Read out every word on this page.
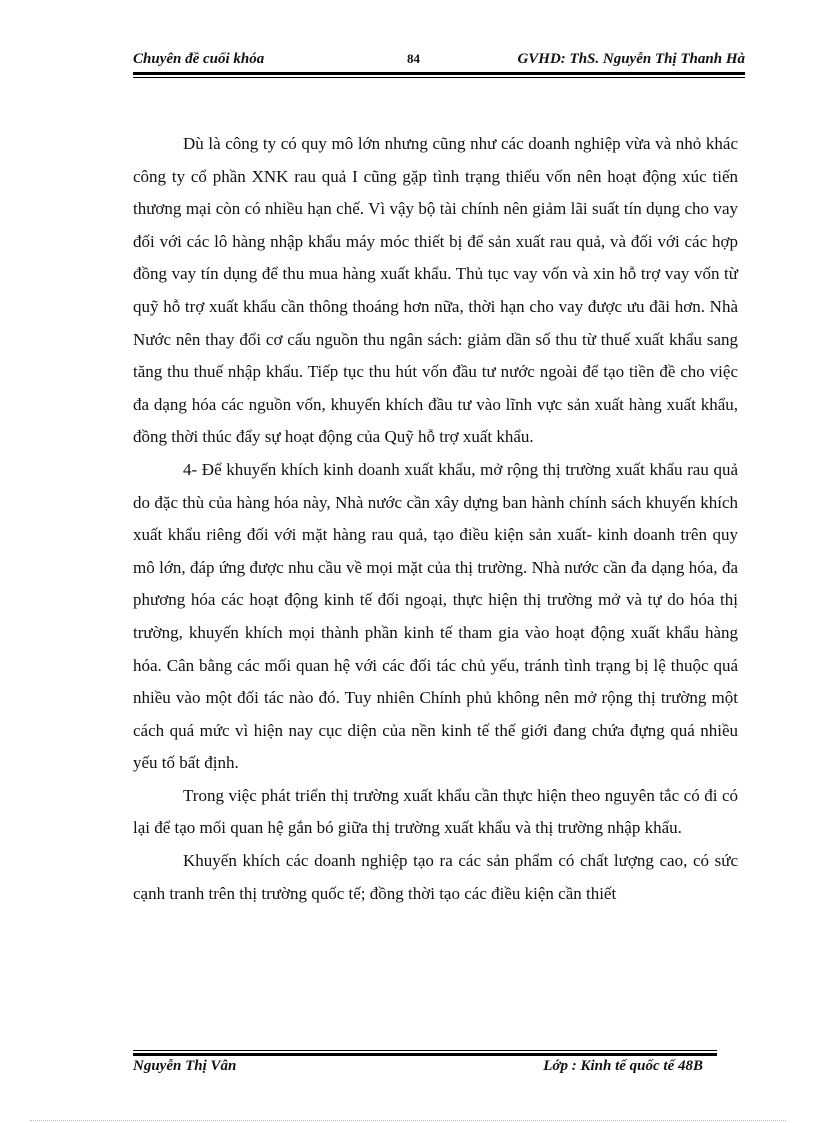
Chuyên đề cuối khóa	84	GVHD: ThS. Nguyễn Thị Thanh Hà

Dù là công ty có quy mô lớn nhưng cũng như các doanh nghiệp vừa và nhỏ khác công ty cổ phần XNK rau quả I cũng gặp tình trạng thiếu vốn nên hoạt động xúc tiến thương mại còn có nhiều hạn chế. Vì vậy bộ tài chính nên giảm lãi suất tín dụng cho vay đối với các lô hàng nhập khẩu máy móc thiết bị để sản xuất rau quả, và đối với các hợp đồng vay tín dụng để thu mua hàng xuất khẩu. Thủ tục vay vốn và xin hỗ trợ vay vốn từ quỹ hỗ trợ xuất khẩu cần thông thoáng hơn nữa, thời hạn cho vay được ưu đãi hơn. Nhà Nước nên thay đổi cơ cấu nguồn thu ngân sách: giảm dần số thu từ thuế xuất khẩu sang tăng thu thuế nhập khẩu. Tiếp tục thu hút vốn đầu tư nước ngoài để tạo tiền đề cho việc đa dạng hóa các nguồn vốn, khuyến khích đầu tư vào lĩnh vực sản xuất hàng xuất khẩu, đồng thời thúc đẩy sự hoạt động của Quỹ hỗ trợ xuất khẩu.

4- Để khuyến khích kinh doanh xuất khẩu, mở rộng thị trường xuất khẩu rau quả do đặc thù của hàng hóa này, Nhà nước cần xây dựng ban hành chính sách khuyến khích xuất khẩu riêng đối với mặt hàng rau quả, tạo điều kiện sản xuất- kinh doanh trên quy mô lớn, đáp ứng được nhu cầu về mọi mặt của thị trường. Nhà nước cần đa dạng hóa, đa phương hóa các hoạt động kinh tế đối ngoại, thực hiện thị trường mở và tự do hóa thị trường, khuyến khích mọi thành phần kinh tế tham gia vào hoạt động xuất khẩu hàng hóa. Cân bằng các mối quan hệ với các đối tác chủ yếu, tránh tình trạng bị lệ thuộc quá nhiều vào một đối tác nào đó. Tuy nhiên Chính phủ không nên mở rộng thị trường một cách quá mức vì hiện nay cục diện của nền kinh tế thế giới đang chứa đựng quá nhiều yếu tố bất định.

Trong việc phát triển thị trường xuất khẩu cần thực hiện theo nguyên tắc có đi có lại để tạo mối quan hệ gắn bó giữa thị trường xuất khẩu và thị trường nhập khẩu.

Khuyến khích các doanh nghiệp tạo ra các sản phẩm có chất lượng cao, có sức cạnh tranh trên thị trường quốc tế; đồng thời tạo các điều kiện cần thiết

Nguyễn Thị Vân	Lớp : Kinh tế quốc tế 48B
